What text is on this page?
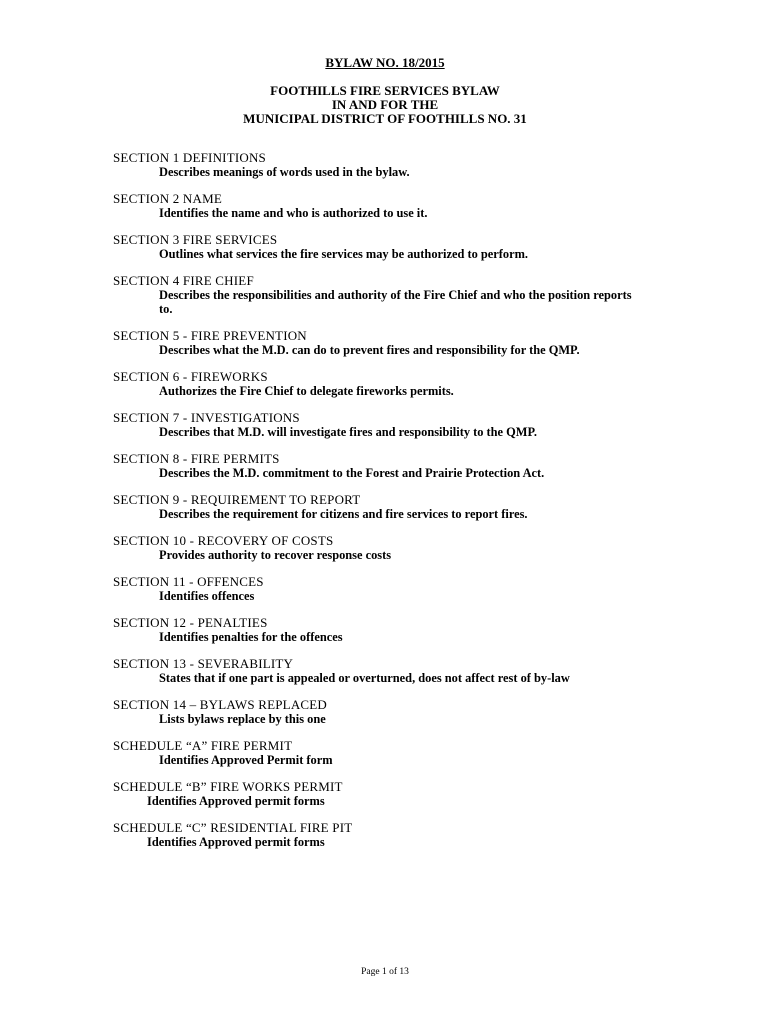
BYLAW NO. 18/2015
FOOTHILLS FIRE SERVICES BYLAW
IN AND FOR THE
MUNICIPAL DISTRICT OF FOOTHILLS NO. 31
SECTION 1 DEFINITIONS
Describes meanings of words used in the bylaw.
SECTION 2 NAME
Identifies the name and who is authorized to use it.
SECTION 3 FIRE SERVICES
Outlines what services the fire services may be authorized to perform.
SECTION 4 FIRE CHIEF
Describes the responsibilities and authority of the Fire Chief and who the position reports to.
SECTION 5 - FIRE PREVENTION
Describes what the M.D. can do to prevent fires and responsibility for the QMP.
SECTION 6 - FIREWORKS
Authorizes the Fire Chief to delegate fireworks permits.
SECTION 7 - INVESTIGATIONS
Describes that M.D. will investigate fires and responsibility to the QMP.
SECTION 8 - FIRE PERMITS
Describes the M.D. commitment to the Forest and Prairie Protection Act.
SECTION 9 - REQUIREMENT TO REPORT
Describes the requirement for citizens and fire services to report fires.
SECTION 10 - RECOVERY OF COSTS
Provides authority to recover response costs
SECTION 11 - OFFENCES
Identifies offences
SECTION 12 - PENALTIES
Identifies penalties for the offences
SECTION 13 - SEVERABILITY
States that if one part is appealed or overturned, does not affect rest of by-law
SECTION 14 – BYLAWS REPLACED
Lists bylaws replace by this one
SCHEDULE “A” FIRE PERMIT
Identifies Approved Permit form
SCHEDULE “B” FIRE WORKS PERMIT
Identifies Approved permit forms
SCHEDULE “C” RESIDENTIAL FIRE PIT
Identifies Approved permit forms
Page 1 of 13
